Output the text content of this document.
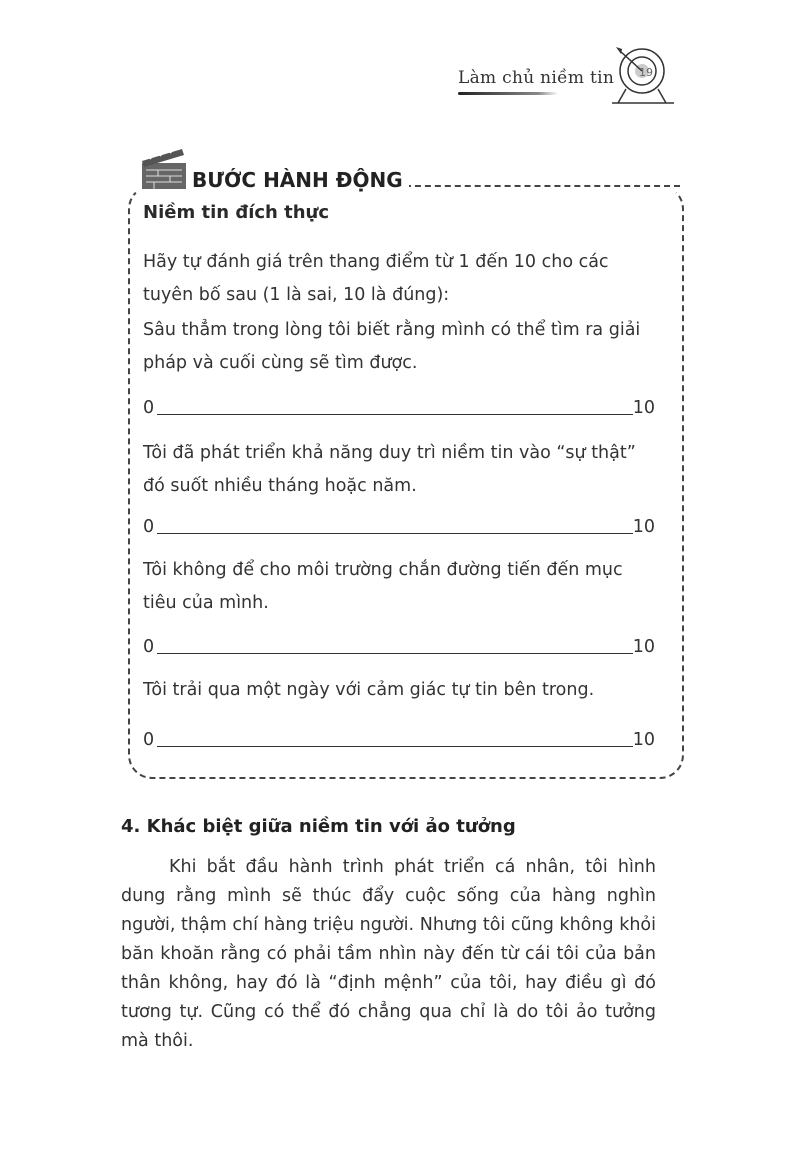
Làm chủ niềm tin 19
BƯỚC HÀNH ĐỘNG
Niềm tin đích thực
Hãy tự đánh giá trên thang điểm từ 1 đến 10 cho các tuyên bố sau (1 là sai, 10 là đúng):
Sâu thẳm trong lòng tôi biết rằng mình có thể tìm ra giải pháp và cuối cùng sẽ tìm được.
0	10
Tôi đã phát triển khả năng duy trì niềm tin vào “sự thật” đó suốt nhiều tháng hoặc năm.
0	10
Tôi không để cho môi trường chắn đường tiến đến mục tiêu của mình.
0	10
Tôi trải qua một ngày với cảm giác tự tin bên trong.
0	10
4. Khác biệt giữa niềm tin với ảo tưởng
Khi bắt đầu hành trình phát triển cá nhân, tôi hình dung rằng mình sẽ thúc đẩy cuộc sống của hàng nghìn người, thậm chí hàng triệu người. Nhưng tôi cũng không khỏi băn khoăn rằng có phải tầm nhìn này đến từ cái tôi của bản thân không, hay đó là “định mệnh” của tôi, hay điều gì đó tương tự. Cũng có thể đó chẳng qua chỉ là do tôi ảo tưởng mà thôi.
